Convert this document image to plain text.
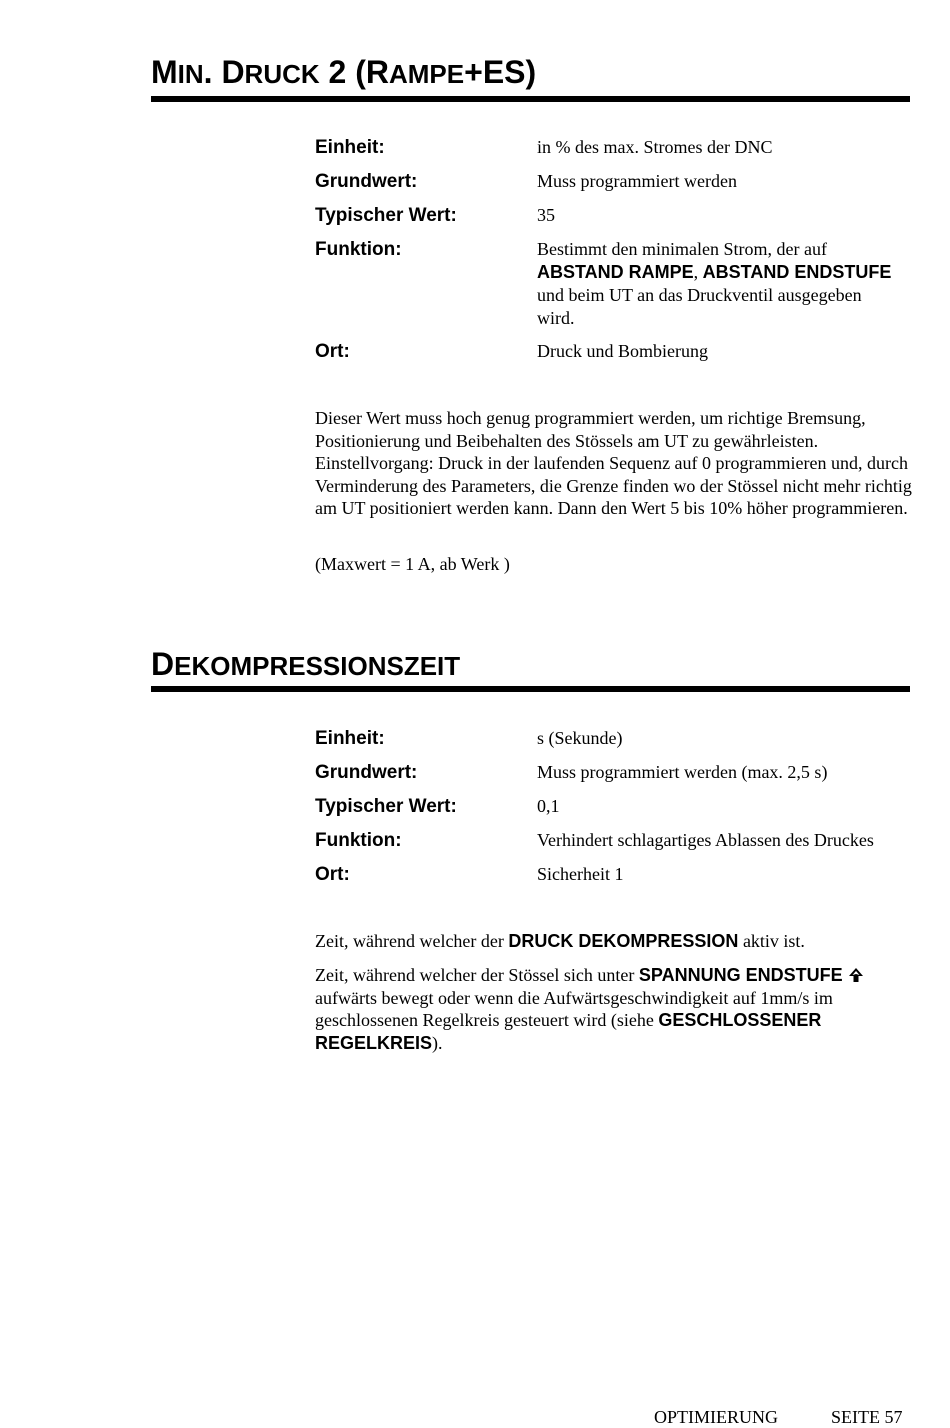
MIN. DRUCK 2 (RAMPE+ES)
Einheit:	in % des max. Stromes der DNC
Grundwert:	Muss programmiert werden
Typischer Wert:	35
Funktion:	Bestimmt den minimalen Strom, der auf ABSTAND RAMPE, ABSTAND ENDSTUFE und beim UT an das Druckventil ausgegeben wird.
Ort:	Druck und Bombierung

Dieser Wert muss hoch genug programmiert werden, um richtige Bremsung, Positionierung und Beibehalten des Stössels am UT zu gewährleisten. Einstellvorgang: Druck in der laufenden Sequenz auf 0 programmieren und, durch Verminderung des Parameters, die Grenze finden wo der Stössel nicht mehr richtig am UT positioniert werden kann. Dann den Wert 5 bis 10% höher programmieren.

(Maxwert = 1 A, ab Werk )

DEKOMPRESSIONSZEIT
Einheit:	s (Sekunde)
Grundwert:	Muss programmiert werden (max. 2,5 s)
Typischer Wert:	0,1
Funktion:	Verhindert schlagartiges Ablassen des Druckes
Ort:	Sicherheit 1

Zeit, während welcher der DRUCK DEKOMPRESSION aktiv ist.

Zeit, während welcher der Stössel sich unter SPANNUNG ENDSTUFE  aufwärts bewegt oder wenn die Aufwärtsgeschwindigkeit auf 1mm/s im geschlossenen Regelkreis gesteuert wird (siehe GESCHLOSSENER REGELKREIS).

OPTIMIERUNG	SEITE 57
